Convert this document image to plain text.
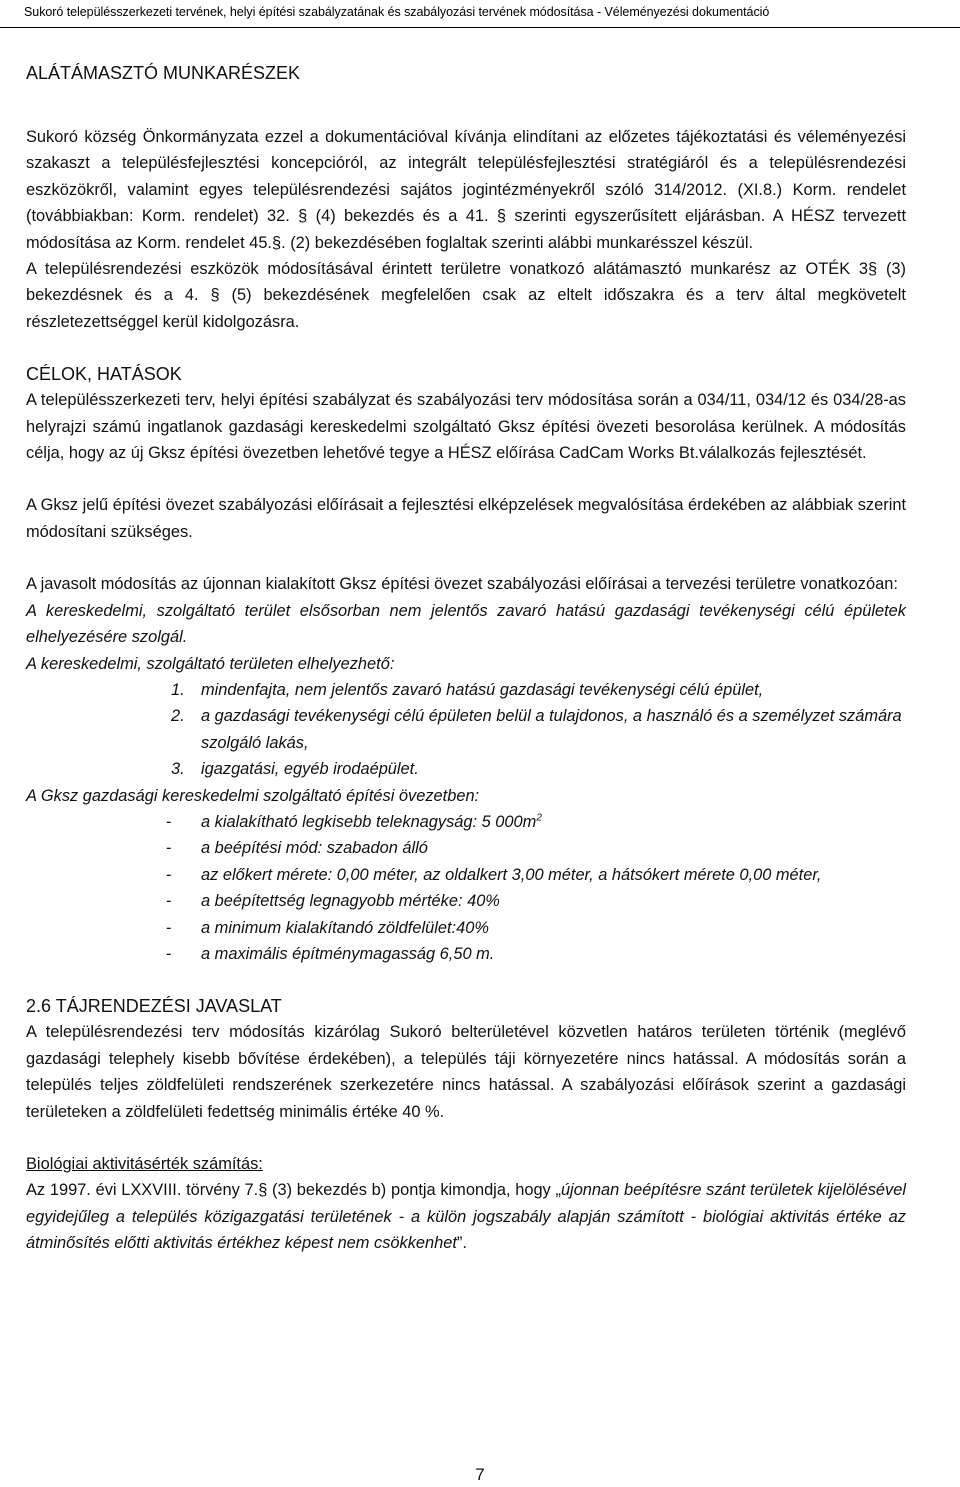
Sukoró településszerkezeti tervének, helyi építési szabályzatának és szabályozási tervének módosítása - Véleményezési dokumentáció

ALÁTÁMASZTÓ MUNKARÉSZEK

Sukoró község Önkormányzata ezzel a dokumentációval kívánja elindítani az előzetes tájékoztatási és véleményezési szakaszt a településfejlesztési koncepcióról, az integrált településfejlesztési stratégiáról és a településrendezési eszközökről, valamint egyes településrendezési sajátos jogintézményekről szóló 314/2012. (XI.8.) Korm. rendelet (továbbiakban: Korm. rendelet) 32. § (4) bekezdés és a 41. § szerinti egyszerűsített eljárásban. A HÉSZ tervezett módosítása az Korm. rendelet 45.§. (2) bekezdésében foglaltak szerinti alábbi munkarésszel készül.

A településrendezési eszközök módosításával érintett területre vonatkozó alátámasztó munkarész az OTÉK 3§ (3) bekezdésnek és a 4. § (5) bekezdésének megfelelően csak az eltelt időszakra és a terv által megkövetelt részletezettséggel kerül kidolgozásra.

CÉLOK, HATÁSOK

A településszerkezeti terv, helyi építési szabályzat és szabályozási terv módosítása során a 034/11, 034/12 és 034/28-as helyrajzi számú ingatlanok gazdasági kereskedelmi szolgáltató Gksz építési övezeti besorolása kerülnek. A módosítás célja, hogy az új Gksz építési övezetben lehetővé tegye a HÉSZ előírása CadCam Works Bt.válalkozás fejlesztését.

A Gksz jelű építési övezet szabályozási előírásait a fejlesztési elképzelések megvalósítása érdekében az alábbiak szerint módosítani szükséges.

A javasolt módosítás az újonnan kialakított Gksz építési övezet szabályozási előírásai a tervezési területre vonatkozóan:

A kereskedelmi, szolgáltató terület elsősorban nem jelentős zavaró hatású gazdasági tevékenységi célú épületek elhelyezésére szolgál.

A kereskedelmi, szolgáltató területen elhelyezhető:

1. mindenfajta, nem jelentős zavaró hatású gazdasági tevékenységi célú épület,
2. a gazdasági tevékenységi célú épületen belül a tulajdonos, a használó és a személyzet számára szolgáló lakás,
3. igazgatási, egyéb irodaépület.

A Gksz gazdasági kereskedelmi szolgáltató építési övezetben:

- a kialakítható legkisebb teleknagyság: 5 $000m^2$
- a beépítési mód: szabadon álló
- az előkert mérete: 0,00 méter, az oldalkert 3,00 méter, a hátsókert mérete 0,00 méter,
- a beépítettség legnagyobb mértéke: 40%
- a minimum kialakítandó zöldfelület:40%
- a maximális építménymagasság 6,50 m.

2.6 TÁJRENDEZÉSI JAVASLAT

A településrendezési terv módosítás kizárólag Sukoró belterületével közvetlen határos területen történik (meglévő gazdasági telephely kisebb bővítése érdekében), a település táji környezetére nincs hatással. A módosítás során a település teljes zöldfelületi rendszerének szerkezetére nincs hatással. A szabályozási előírások szerint a gazdasági területeken a zöldfelületi fedettség minimális értéke 40 %.

Biológiai aktivitásérték számítás:

Az 1997. évi LXXVIII. törvény 7.§ (3) bekezdés b) pontja kimondja, hogy „újonnan beépítésre szánt területek kijelölésével egyidejűleg a település közigazgatási területének - a külön jogszabály alapján számított - biológiai aktivitás értéke az átminősítés előtti aktivitás értékhez képest nem csökkenhet”.

7
